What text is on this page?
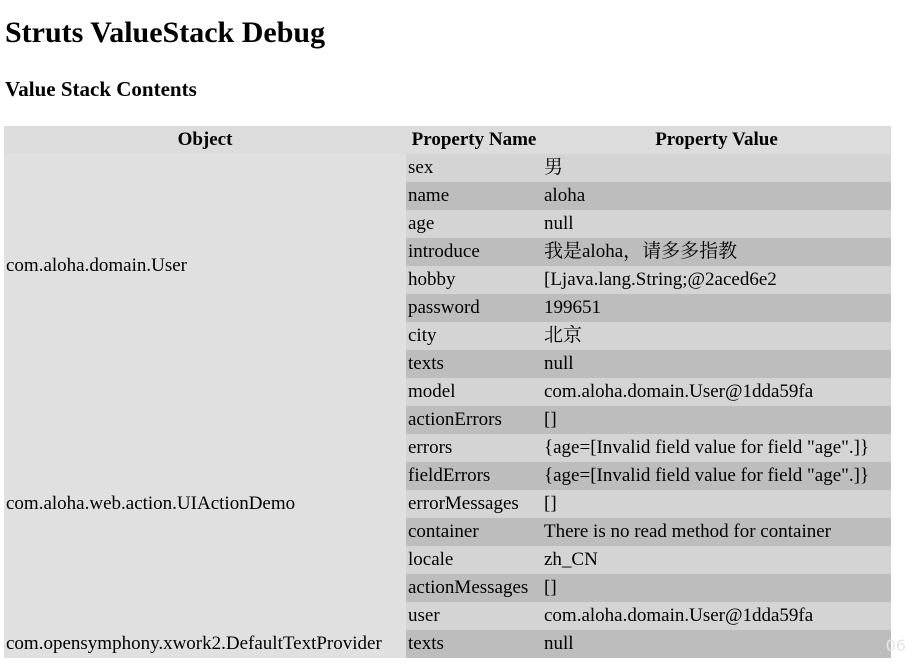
Struts ValueStack Debug
Value Stack Contents
Object	Property Name	Property Value
com.aloha.domain.User	sex	男
	name	aloha
	age	null
	introduce	我是aloha，请多多指教
	hobby	[Ljava.lang.String;@2aced6e2
	password	199651
	city	北京
	texts	null
com.aloha.web.action.UIActionDemo	model	com.aloha.domain.User@1dda59fa
	actionErrors	[]
	errors	{age=[Invalid field value for field "age".]}
	fieldErrors	{age=[Invalid field value for field "age".]}
	errorMessages	[]
	container	There is no read method for container
	locale	zh_CN
	actionMessages	[]
	user	com.aloha.domain.User@1dda59fa
com.opensymphony.xwork2.DefaultTextProvider	texts	null	06
